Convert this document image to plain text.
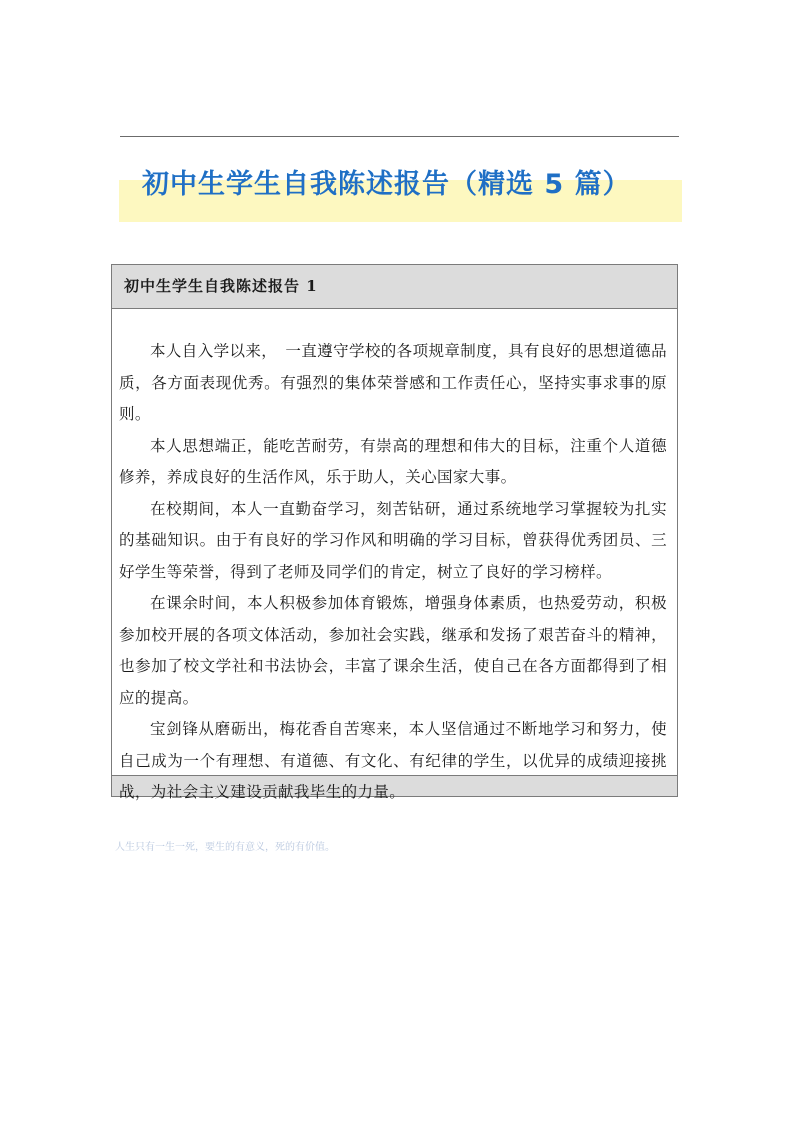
初中生学生自我陈述报告（精选 5 篇）
初中生学生自我陈述报告 1

本人自入学以来，　一直遵守学校的各项规章制度，具有良好的思想道德品质，各方面表现优秀。有强烈的集体荣誉感和工作责任心，坚持实事求事的原则。

本人思想端正，能吃苦耐劳，有崇高的理想和伟大的目标，注重个人道德修养，养成良好的生活作风，乐于助人，关心国家大事。

在校期间，本人一直勤奋学习，刻苦钻研，通过系统地学习掌握较为扎实的基础知识。由于有良好的学习作风和明确的学习目标，曾获得优秀团员、三好学生等荣誉，得到了老师及同学们的肯定，树立了良好的学习榜样。

在课余时间，本人积极参加体育锻炼，增强身体素质，也热爱劳动，积极参加校开展的各项文体活动，参加社会实践，继承和发扬了艰苦奋斗的精神，也参加了校文学社和书法协会，丰富了课余生活，使自己在各方面都得到了相应的提高。

宝剑锋从磨砺出，梅花香自苦寒来，本人坚信通过不断地学习和努力，使自己成为一个有理想、有道德、有文化、有纪律的学生，以优异的成绩迎接挑战，为社会主义建设贡献我毕生的力量。

人生只有一生一死，要生的有意义，死的有价值。
